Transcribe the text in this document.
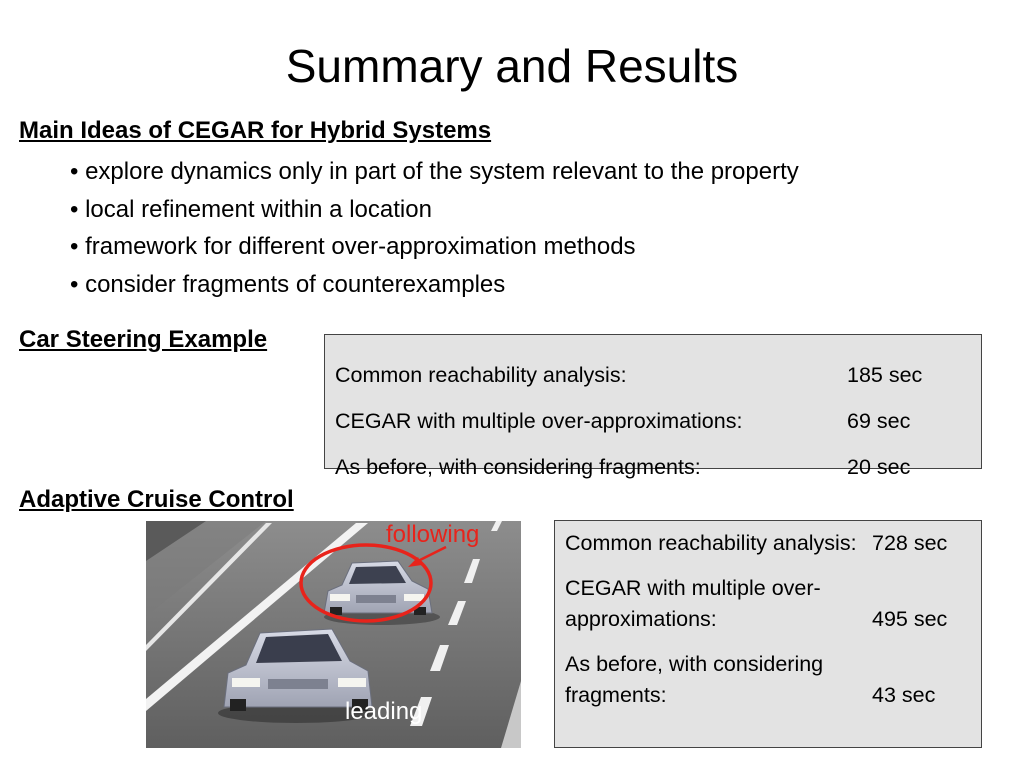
Summary and Results
Main Ideas of CEGAR for Hybrid Systems
• explore dynamics only in part of the system relevant to the property
• local refinement within a location
• framework for different over-approximation methods
• consider fragments of counterexamples
Car Steering Example
Common reachability analysis:	185 sec
CEGAR with multiple over-approximations:	69 sec
As before, with considering fragments:	20 sec
Adaptive Cruise Control
following
leading
Common reachability analysis:	728 sec
CEGAR with multiple over-approximations:	495 sec
As before, with considering fragments:	43 sec
